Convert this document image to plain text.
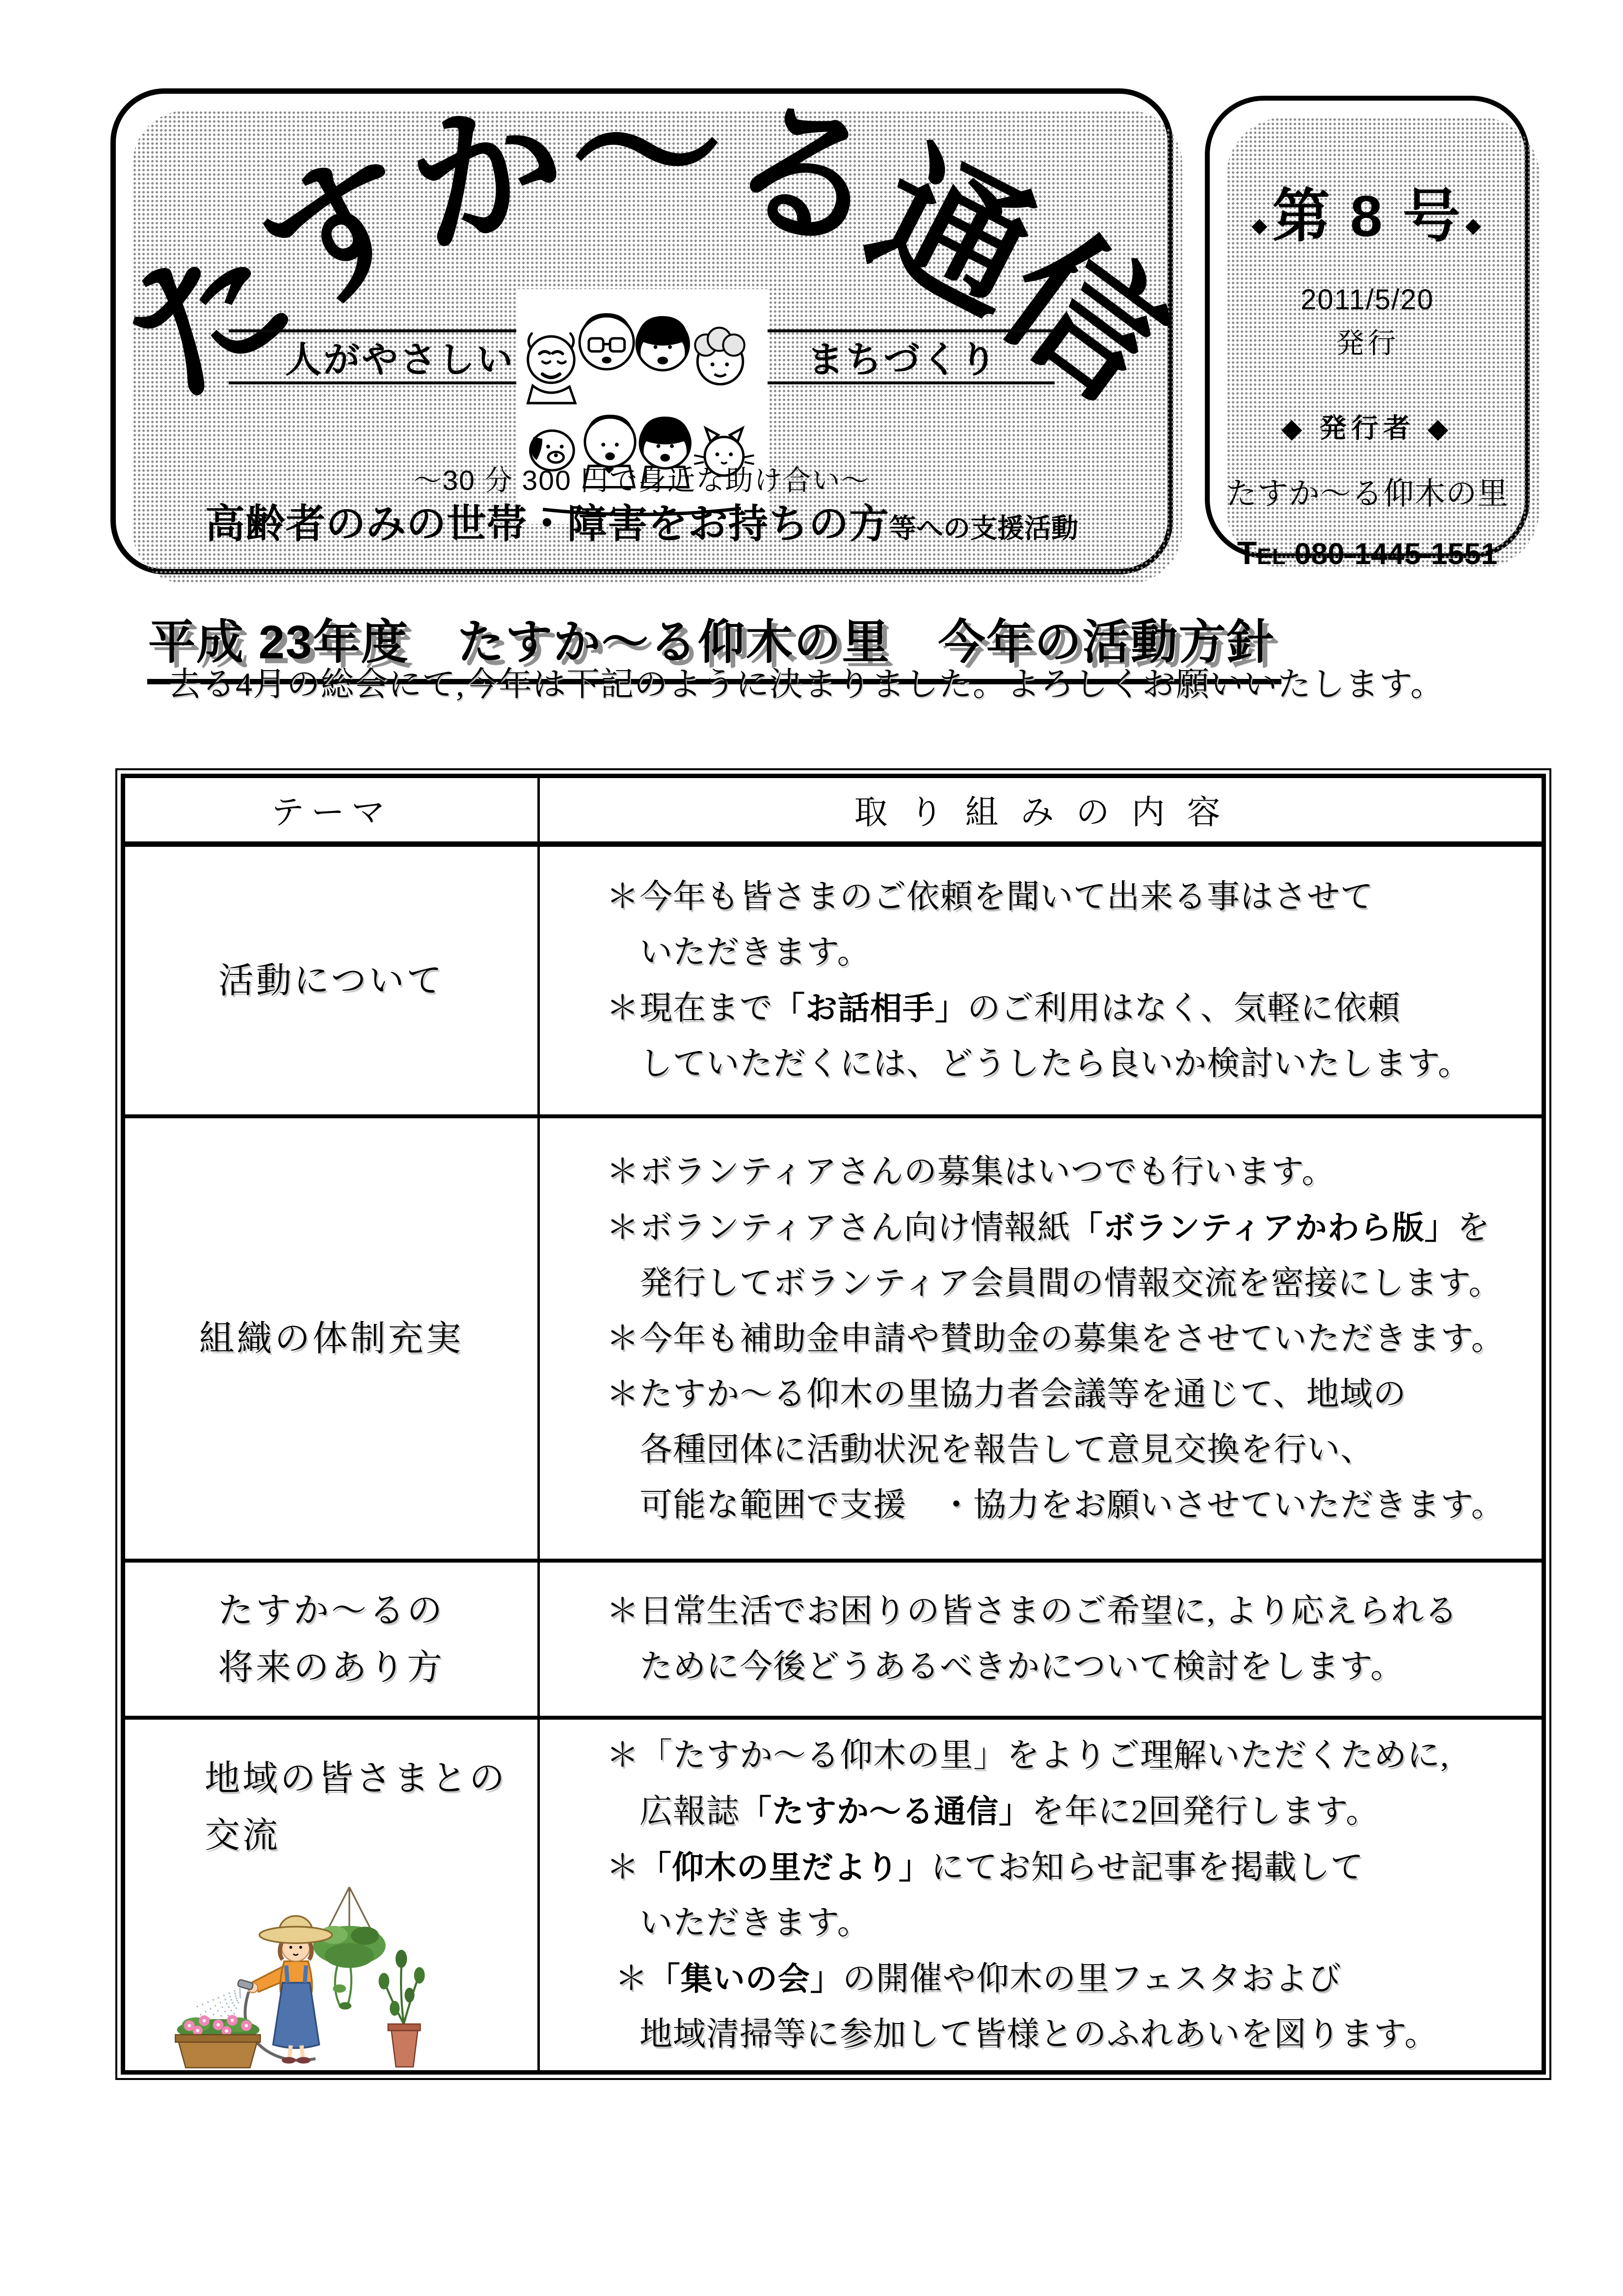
たすか〜る通信
人がやさしい	まちづくり
〜30 分 300 円で身近な助け合い〜
高齢者のみの世帯・障害をお持ちの方等への支援活動
◆第 8 号 ◆
2011/5/20
発行
◆ 発行者 ◆
たすか〜る仰木の里
TEL 080-1445-1551
平成 23年度　たすか〜る仰木の里　今年の活動方針

去る4月の総会にて,今年は下記のように決まりました。よろしくお願いいたします。

テーマ	取 り 組 み の 内 容
活動について
＊今年も皆さまのご依頼を聞いて出来る事はさせて
　いただきます。
＊現在まで「お話相手」のご利用はなく、気軽に依頼
　していただくには、どうしたら良いか検討いたします。
組織の体制充実
＊ボランティアさんの募集はいつでも行います。
＊ボランティアさん向け情報紙「ボランティアかわら版」を
　発行してボランティア会員間の情報交流を密接にします。
＊今年も補助金申請や賛助金の募集をさせていただきます。
＊たすか〜る仰木の里協力者会議等を通じて、地域の
　各種団体に活動状況を報告して意見交換を行い、
　可能な範囲で支援　・協力をお願いさせていただきます。
たすか〜るの
将来のあり方
＊日常生活でお困りの皆さまのご希望に, より応えられる
　ために今後どうあるべきかについて検討をします。
地域の皆さまとの
交流
＊「たすか〜る仰木の里」をよりご理解いただくために,
　広報誌「たすか〜る通信」を年に2回発行します。
＊「仰木の里だより」にてお知らせ記事を掲載して
　いただきます。
＊「集いの会」の開催や仰木の里フェスタおよび
　地域清掃等に参加して皆様とのふれあいを図ります。
